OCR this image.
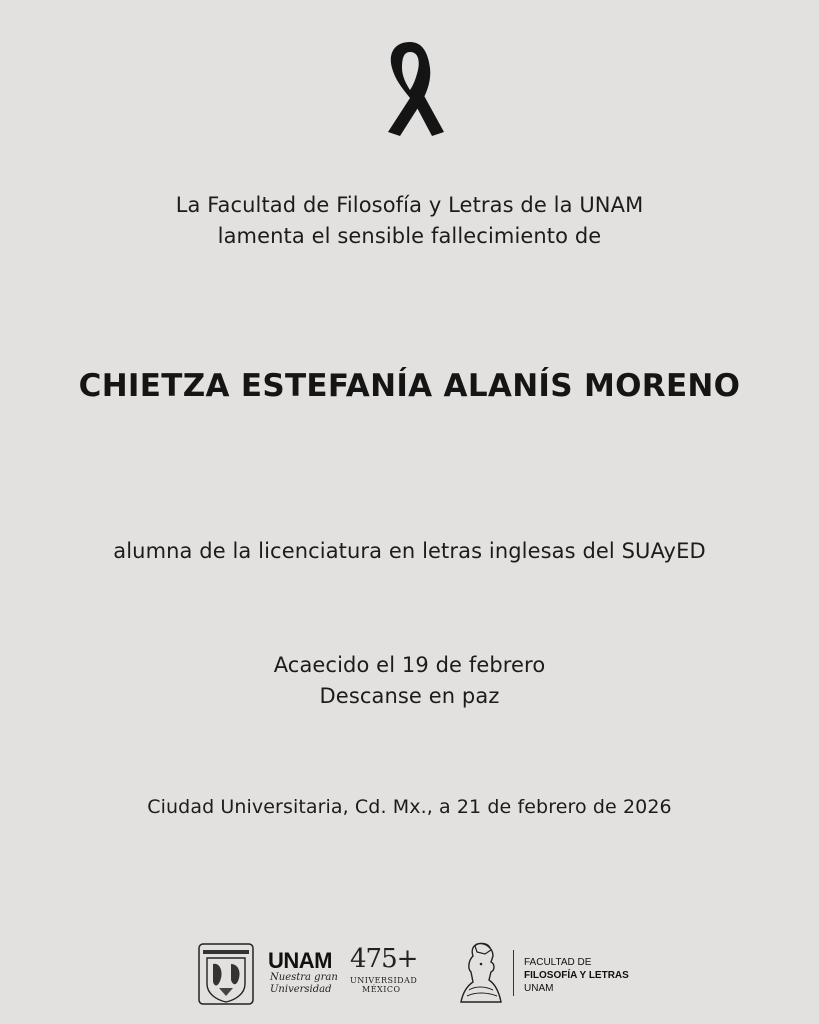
La Facultad de Filosofía y Letras de la UNAM
lamenta el sensible fallecimiento de
CHIETZA ESTEFANÍA ALANÍS MORENO
alumna de la licenciatura en letras inglesas del SUAyED
Acaecido el 19 de febrero
Descanse en paz
Ciudad Universitaria, Cd. Mx., a 21 de febrero de 2026
UNAM
Nuestra gran
Universidad
475+
UNIVERSIDAD
MÉXICO
FACULTAD DE
FILOSOFÍA Y LETRAS
UNAM
